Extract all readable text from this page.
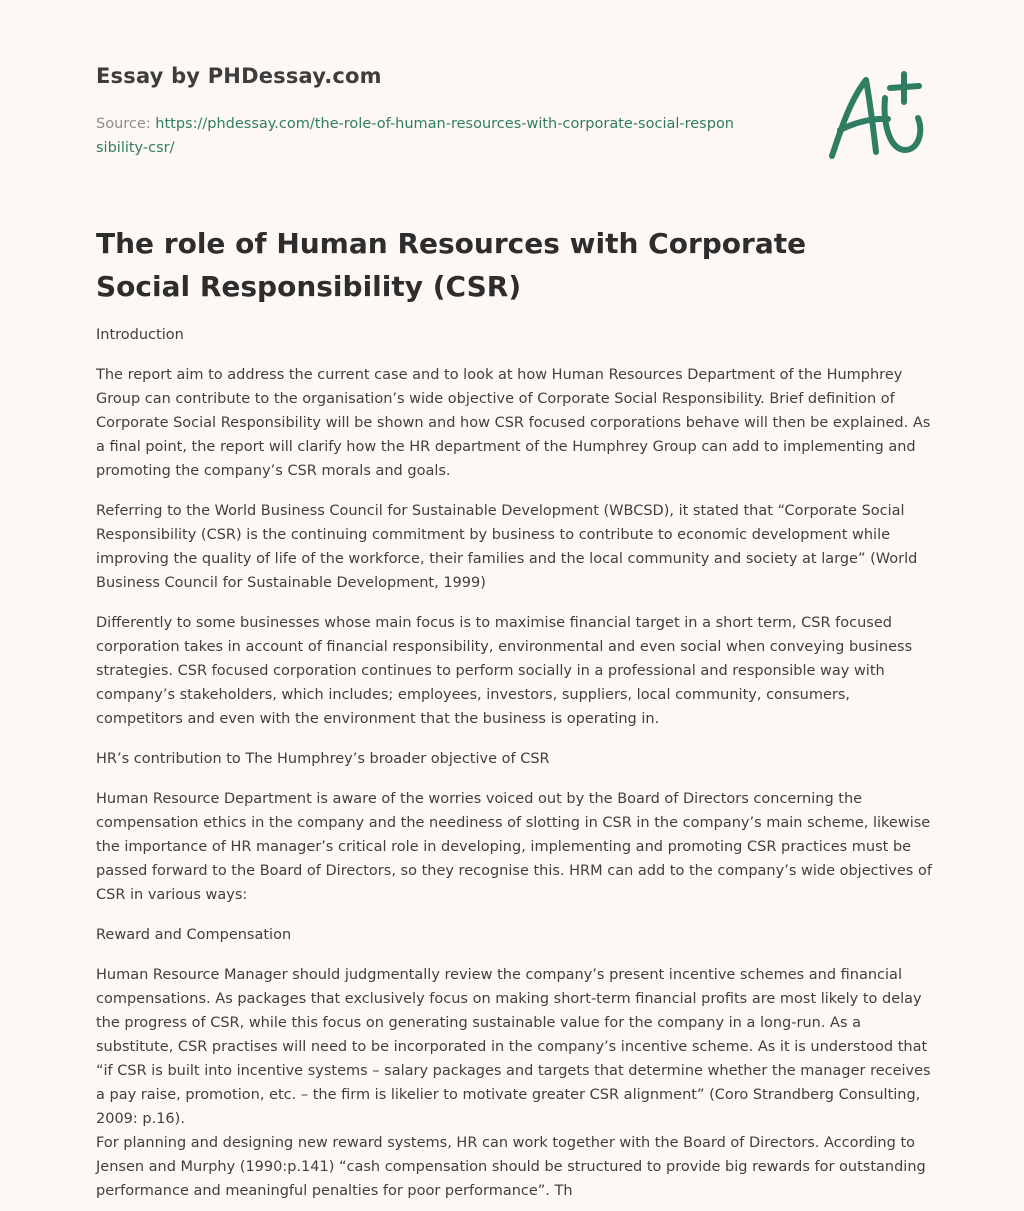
Essay by PHDessay.com
Source: https://phdessay.com/the-role-of-human-resources-with-corporate-social-responsibility-csr/
The role of Human Resources with Corporate Social Responsibility (CSR)

Introduction

The report aim to address the current case and to look at how Human Resources Department of the Humphrey Group can contribute to the organisation’s wide objective of Corporate Social Responsibility. Brief definition of Corporate Social Responsibility will be shown and how CSR focused corporations behave will then be explained. As a final point, the report will clarify how the HR department of the Humphrey Group can add to implementing and promoting the company’s CSR morals and goals.

Referring to the World Business Council for Sustainable Development (WBCSD), it stated that “Corporate Social Responsibility (CSR) is the continuing commitment by business to contribute to economic development while improving the quality of life of the workforce, their families and the local community and society at large” (World Business Council for Sustainable Development, 1999)

Differently to some businesses whose main focus is to maximise financial target in a short term, CSR focused corporation takes in account of financial responsibility, environmental and even social when conveying business strategies. CSR focused corporation continues to perform socially in a professional and responsible way with company’s stakeholders, which includes; employees, investors, suppliers, local community, consumers, competitors and even with the environment that the business is operating in.

HR’s contribution to The Humphrey’s broader objective of CSR

Human Resource Department is aware of the worries voiced out by the Board of Directors concerning the compensation ethics in the company and the neediness of slotting in CSR in the company’s main scheme, likewise the importance of HR manager’s critical role in developing, implementing and promoting CSR practices must be passed forward to the Board of Directors, so they recognise this. HRM can add to the company’s wide objectives of CSR in various ways:

Reward and Compensation

Human Resource Manager should judgmentally review the company’s present incentive schemes and financial compensations. As packages that exclusively focus on making short-term financial profits are most likely to delay the progress of CSR, while this focus on generating sustainable value for the company in a long-run. As a substitute, CSR practises will need to be incorporated in the company’s incentive scheme. As it is understood that “if CSR is built into incentive systems – salary packages and targets that determine whether the manager receives a pay raise, promotion, etc. – the firm is likelier to motivate greater CSR alignment” (Coro Strandberg Consulting, 2009: p.16).

For planning and designing new reward systems, HR can work together with the Board of Directors. According to Jensen and Murphy (1990:p.141) “cash compensation should be structured to provide big rewards for outstanding performance and meaningful penalties for poor performance”. Th
